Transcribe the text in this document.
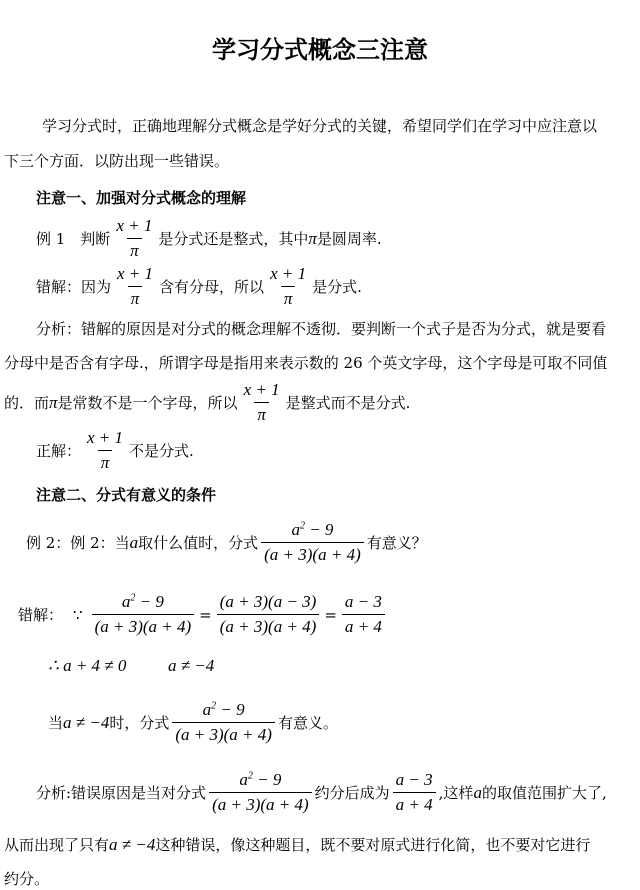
学习分式概念三注意
学习分式时，正确地理解分式概念是学好分式的关键，希望同学们在学习中应注意以
下三个方面．以防出现一些错误。
注意一、加强对分式概念的理解
例 1　判断 $\frac{x + 1}{\pi}$ 是分式还是整式，其中 π 是圆周率.
错解：因为 $\frac{x + 1}{\pi}$ 含有分母，所以 $\frac{x + 1}{\pi}$ 是分式.
分析：错解的原因是对分式的概念理解不透彻．要判断一个式子是否为分式，就是要看
分母中是否含有字母.，所谓字母是指用来表示数的 26 个英文字母，这个字母是可取不同值
的．而 π 是常数不是一个字母，所以 $\frac{x + 1}{\pi}$ 是整式而不是分式.
正解： $\frac{x + 1}{\pi}$ 不是分式.
注意二、分式有意义的条件
例 2：例 2：当 a 取什么值时，分式 $\frac{a^2 - 9}{(a + 3)(a + 4)}$ 有意义？
错解： ∵ $\frac{a^2 - 9}{(a + 3)(a + 4)} = \frac{(a + 3)(a - 3)}{(a + 3)(a + 4)} = \frac{a - 3}{a + 4}$
∴ a + 4 ≠ 0 a ≠ −4
当 a ≠ −4 时，分式 $\frac{a^2 - 9}{(a + 3)(a + 4)}$ 有意义。
分析:错误原因是当对分式 $\frac{a^2 - 9}{(a + 3)(a + 4)}$ 约分后成为 $\frac{a - 3}{a + 4}$ ,这样 a 的取值范围扩大了,
从而出现了只有 a ≠ −4 这种错误，像这种题目，既不要对原式进行化简，也不要对它进行
约分。
